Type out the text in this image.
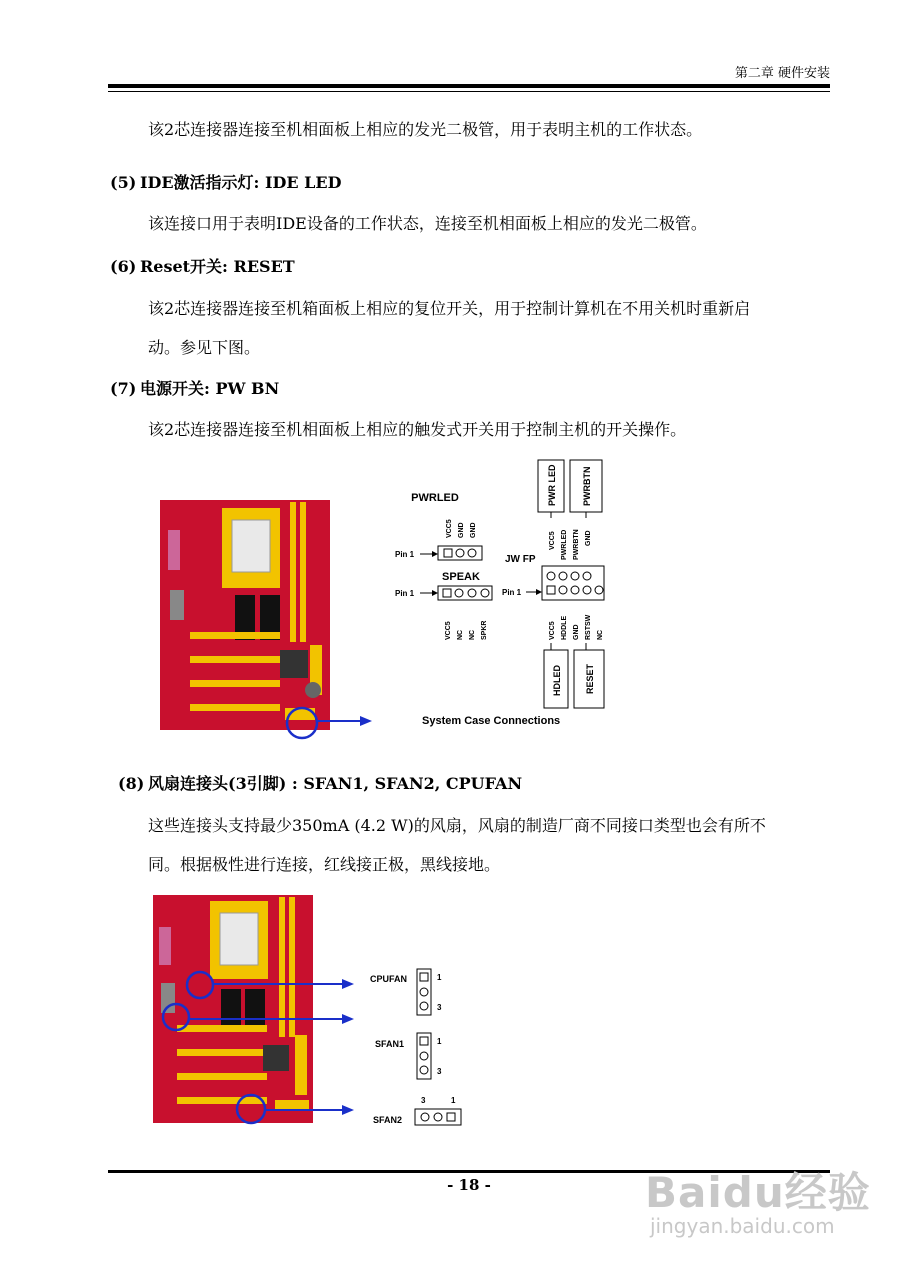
第二章 硬件安装
该2芯连接器连接至机相面板上相应的发光二极管，用于表明主机的工作状态。
(5) IDE激活指示灯: IDE LED
该连接口用于表明IDE设备的工作状态，连接至机相面板上相应的发光二极管。
(6) Reset开关: RESET
该2芯连接器连接至机箱面板上相应的复位开关，用于控制计算机在不用关机时重新启
动。参见下图。
(7) 电源开关: PW BN
该2芯连接器连接至机相面板上相应的触发式开关用于控制主机的开关操作。
PWRLED
VCC5 GND GND
Pin 1
SPEAK
Pin 1
VCC5 NC NC SPKR
PWR LED	PWRBTN
VCC5 PWRLED PWRBTN GND
JW FP
Pin 1
VCC5 HDDLE GND RSTSW NC
HDLED	RESET
System Case Connections
(8) 风扇连接头(3引脚) : SFAN1, SFAN2, CPUFAN
这些连接头支持最少350mA (4.2 W)的风扇，风扇的制造厂商不同接口类型也会有所不
同。根据极性进行连接，红线接正极，黑线接地。
CPUFAN	1
3
SFAN1	1
3
3	1
SFAN2
- 18 -	Baidu经验
jingyan.baidu.com
